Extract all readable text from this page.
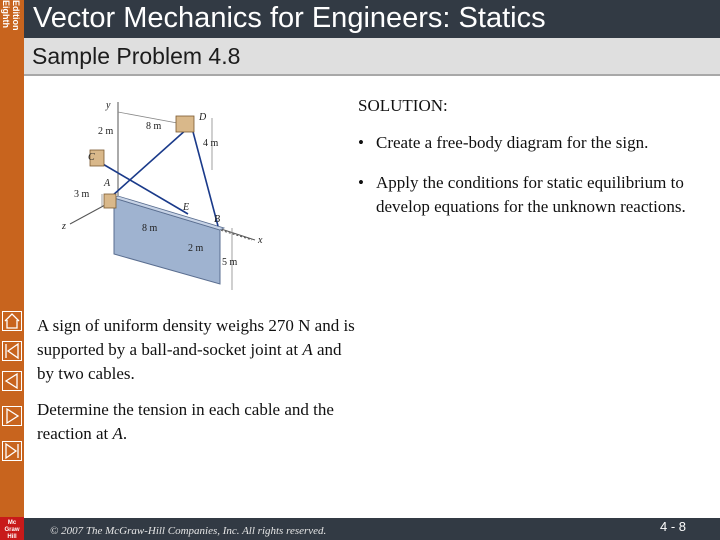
Eighth Edition Vector Mechanics for Engineers: Statics
Sample Problem 4.8
y
x
z
2 m	8 m
4 m
3 m
8 m
2 m
5 m
D
C
A
E
B
SOLUTION:
• Create a free-body diagram for the sign.
• Apply the conditions for static equilibrium to develop equations for the unknown reactions.
A sign of uniform density weighs 270 N and is supported by a ball-and-socket joint at A and by two cables.
Determine the tension in each cable and the reaction at A.
© 2007 The McGraw-Hill Companies, Inc. All rights reserved.	4 - 8
Mc
Graw
Hill
